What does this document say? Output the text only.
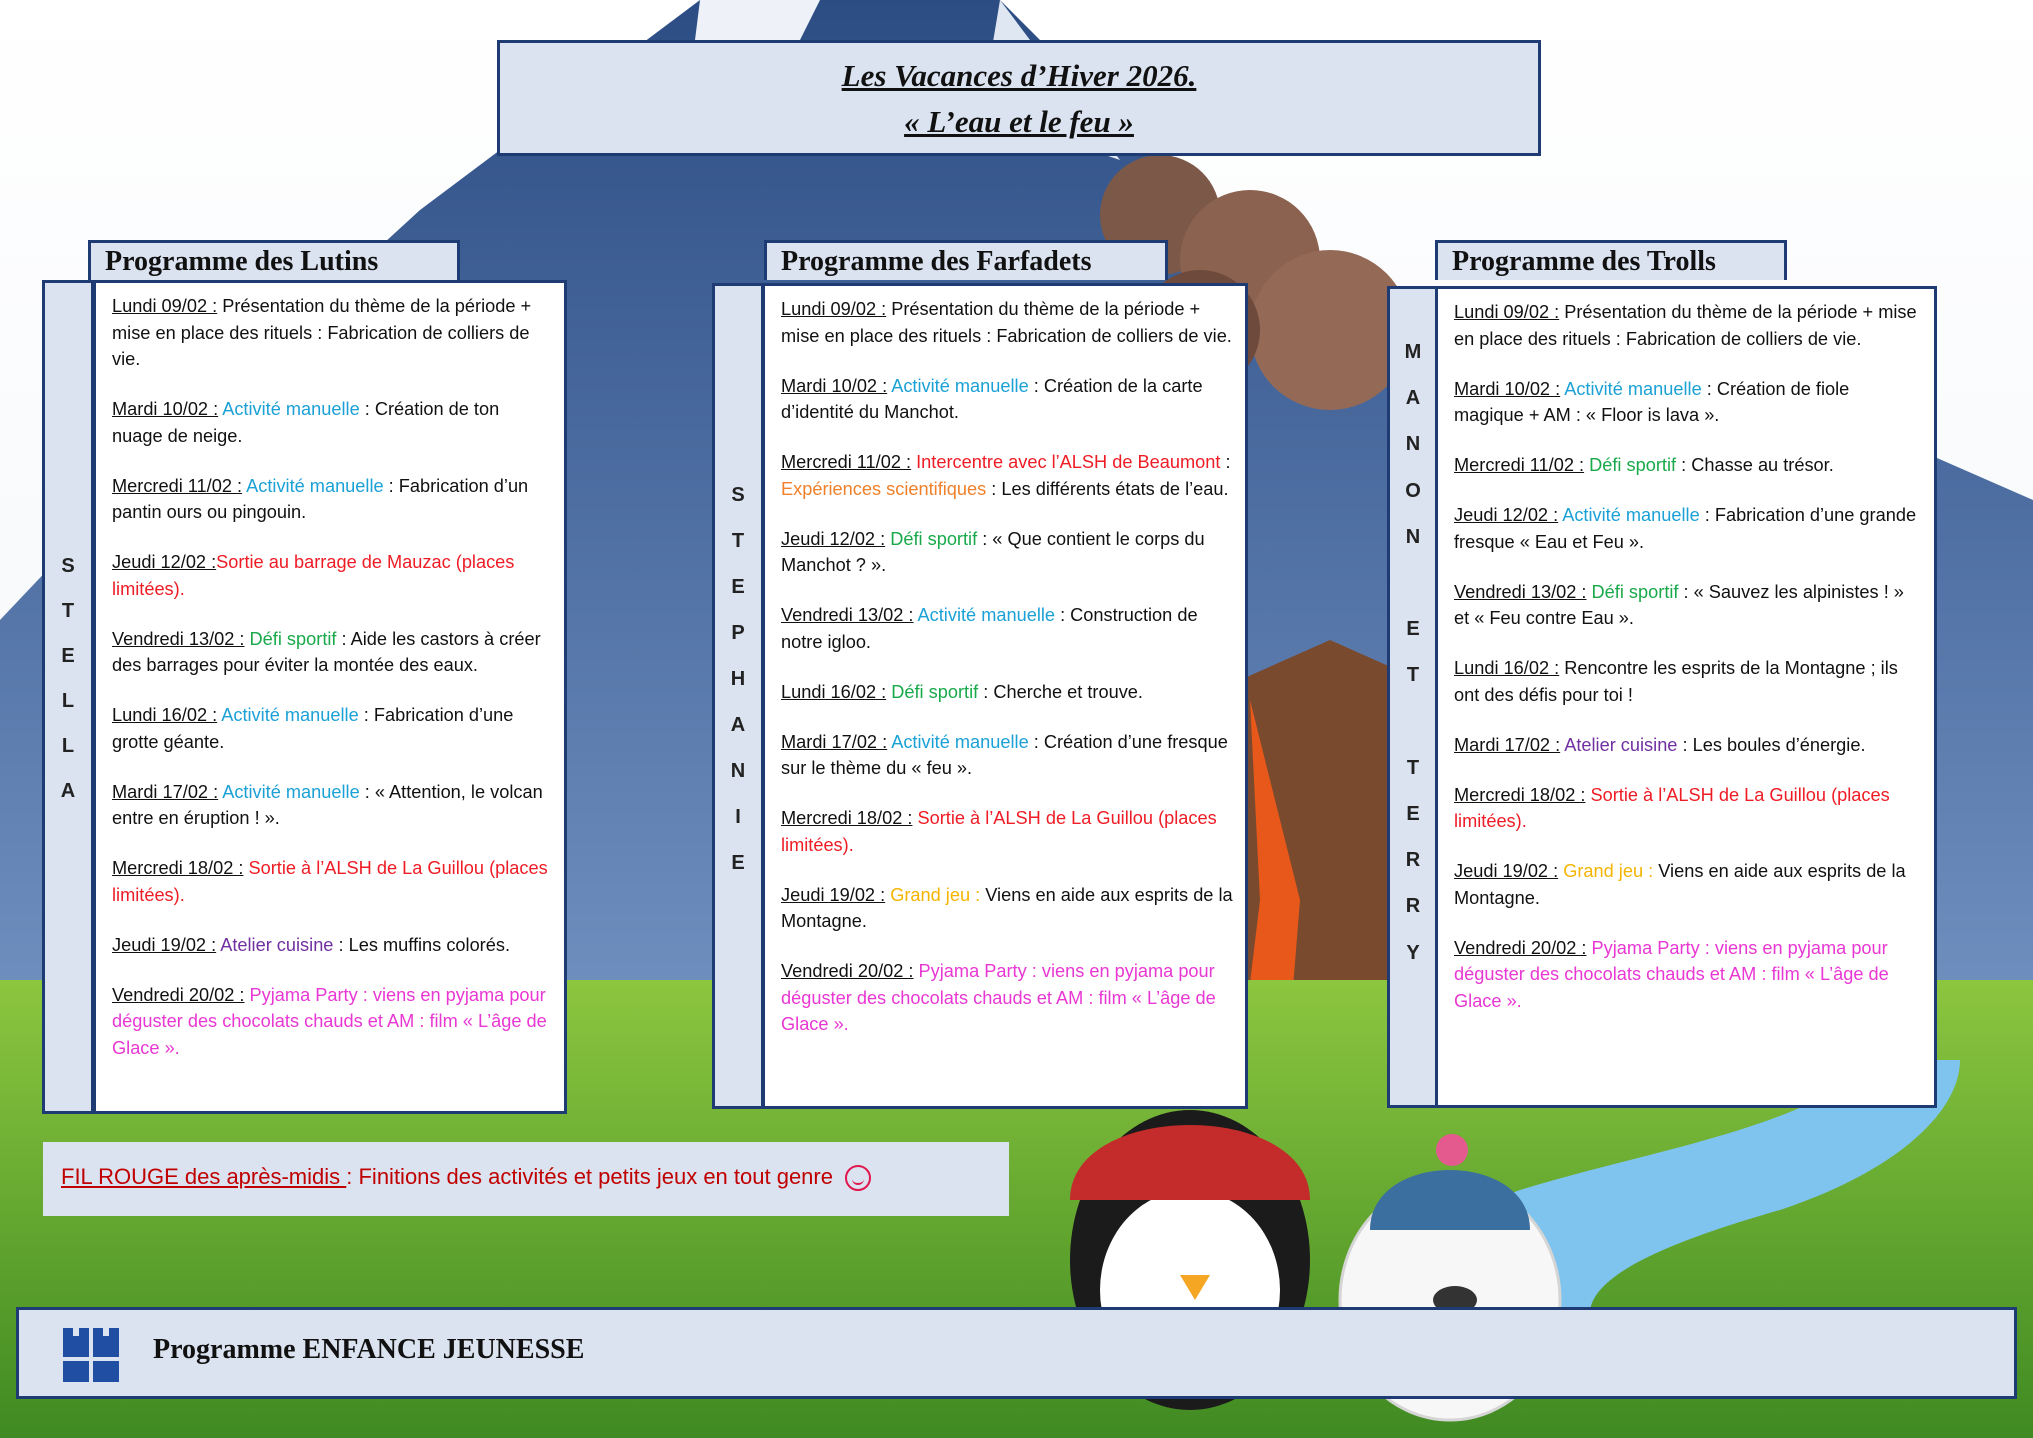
Les Vacances d’Hiver 2026.
« L’eau et le feu »
Programme des Lutins
S
T
E
L
L
A
Lundi 09/02 : Présentation du thème de la période + mise en place des rituels : Fabrication de colliers de vie.
Mardi 10/02 : Activité manuelle : Création de ton nuage de neige.
Mercredi 11/02 : Activité manuelle : Fabrication d’un pantin ours ou pingouin.
Jeudi 12/02 :Sortie au barrage de Mauzac (places limitées).
Vendredi 13/02 : Défi sportif : Aide les castors à créer des barrages pour éviter la montée des eaux.
Lundi 16/02 : Activité manuelle : Fabrication d’une grotte géante.
Mardi 17/02 : Activité manuelle : « Attention, le volcan entre en éruption ! ».
Mercredi 18/02 : Sortie à l’ALSH de La Guillou (places limitées).
Jeudi 19/02 : Atelier cuisine : Les muffins colorés.
Vendredi 20/02 : Pyjama Party : viens en pyjama pour déguster des chocolats chauds et AM : film « L’âge de Glace ».
Programme des Farfadets
S
T
E
P
H
A
N
I
E
Lundi 09/02 : Présentation du thème de la période + mise en place des rituels : Fabrication de colliers de vie.
Mardi 10/02 : Activité manuelle : Création de la carte d’identité du Manchot.
Mercredi 11/02 : Intercentre avec l’ALSH de Beaumont : Expériences scientifiques : Les différents états de l’eau.
Jeudi 12/02 : Défi sportif : « Que contient le corps du Manchot ? ».
Vendredi 13/02 : Activité manuelle : Construction de notre igloo.
Lundi 16/02 : Défi sportif : Cherche et trouve.
Mardi 17/02 : Activité manuelle : Création d’une fresque sur le thème du « feu ».
Mercredi 18/02 : Sortie à l’ALSH de La Guillou (places limitées).
Jeudi 19/02 : Grand jeu : Viens en aide aux esprits de la Montagne.
Vendredi 20/02 : Pyjama Party : viens en pyjama pour déguster des chocolats chauds et AM : film « L’âge de Glace ».
Programme des Trolls
M
A
N
O
N
E
T
T
E
R
R
Y
Lundi 09/02 : Présentation du thème de la période + mise en place des rituels : Fabrication de colliers de vie.
Mardi 10/02 : Activité manuelle : Création de fiole magique + AM : « Floor is lava ».
Mercredi 11/02 : Défi sportif : Chasse au trésor.
Jeudi 12/02 : Activité manuelle : Fabrication d’une grande fresque « Eau et Feu ».
Vendredi 13/02 : Défi sportif : « Sauvez les alpinistes ! » et « Feu contre Eau ».
Lundi 16/02 : Rencontre les esprits de la Montagne ; ils ont des défis pour toi !
Mardi 17/02 : Atelier cuisine : Les boules d’énergie.
Mercredi 18/02 : Sortie à l’ALSH de La Guillou (places limitées).
Jeudi 19/02 : Grand jeu : Viens en aide aux esprits de la Montagne.
Vendredi 20/02 : Pyjama Party : viens en pyjama pour déguster des chocolats chauds et AM : film « L’âge de Glace ».
FIL ROUGE des après-midis : Finitions des activités et petits jeux en tout genre
Programme ENFANCE JEUNESSE
